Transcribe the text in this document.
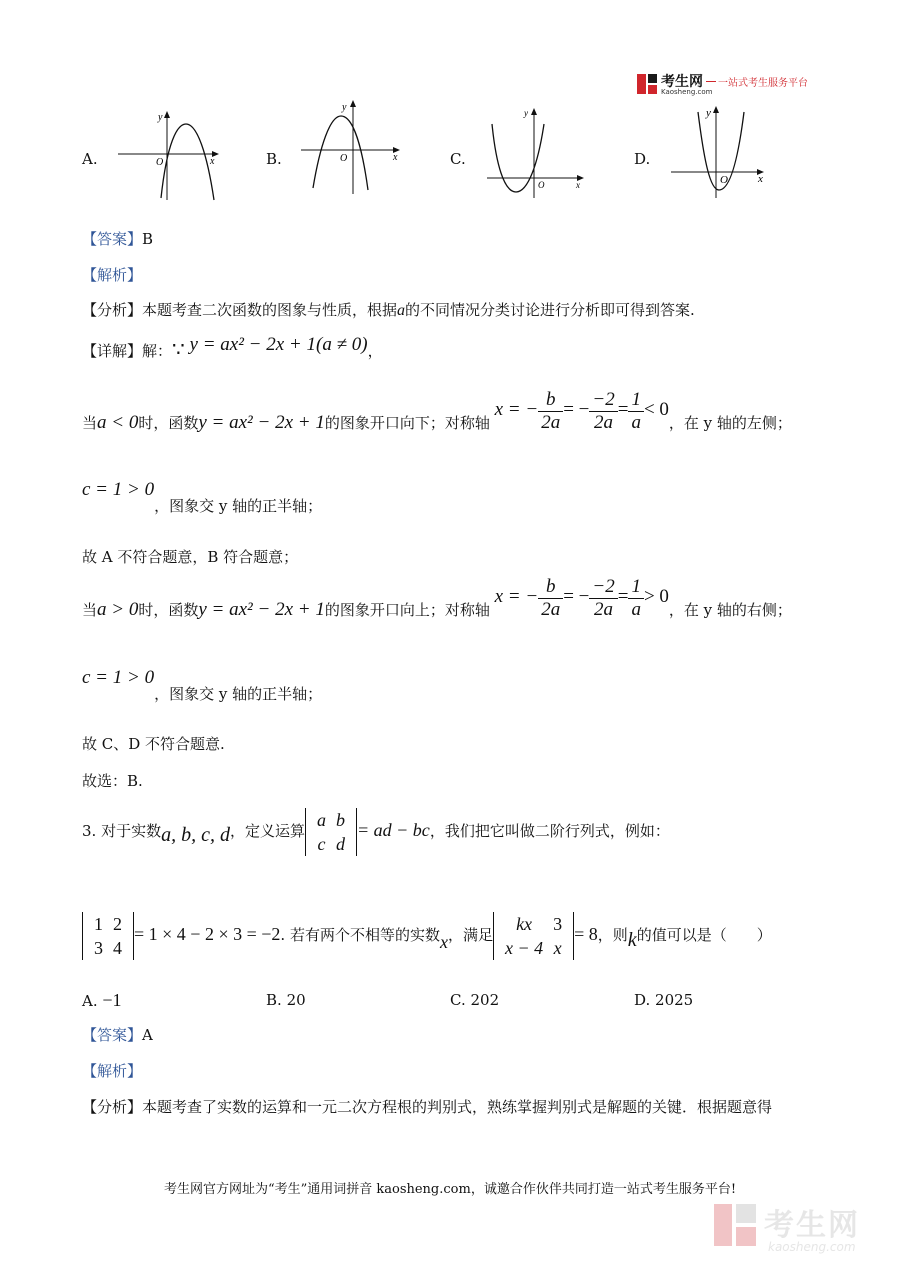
考生网
Kaosheng.com
一站式考生服务平台
A.
y
x
O	B.
y
x
O	C.
y
x
O
D.
y
x
O
【答案】B
【解析】
【分析】本题考查二次函数的图象与性质，根据a的不同情况分类讨论进行分析即可得到答案.
【详解】解：∵ y = ax² − 2x + 1(a ≠ 0)，
当a < 0时，函数y = ax² − 2x + 1的图象开口向下；对称轴 x = − $\frac{b}{2a}$ = − $\frac{-2}{2a} = \frac{1}{a} < 0$，在 y 轴的左侧；
c = 1 > 0，图象交 y 轴的正半轴；
故 A 不符合题意，B 符合题意；
当a > 0时，函数y = ax² − 2x + 1的图象开口向上；对称轴 x = − $\frac{b}{2a}$ = − $\frac{-2}{2a} = \frac{1}{a} > 0$，在 y 轴的右侧；
c = 1 > 0，图象交 y 轴的正半轴；
故 C、D 不符合题意.
故选：B.
3. 对于实数a, b, c, d，定义运算
a	b
c	d
= ad − bc，我们把它叫做二阶行列式，例如：
1	2
3	4
= 1 × 4 − 2 × 3 = −2. 若有两个不相等的实数x，满足
kx	3
x − 4	x
= 8，则k的值可以是（　　）
A. −1	B. 20	C. 202	D. 2025
【答案】A
【解析】
【分析】本题考查了实数的运算和一元二次方程根的判别式，熟练掌握判别式是解题的关键．根据题意得
考生网官方网址为“考生”通用词拼音 kaosheng.com，诚邀合作伙伴共同打造一站式考生服务平台!
考生网
kaosheng.com
